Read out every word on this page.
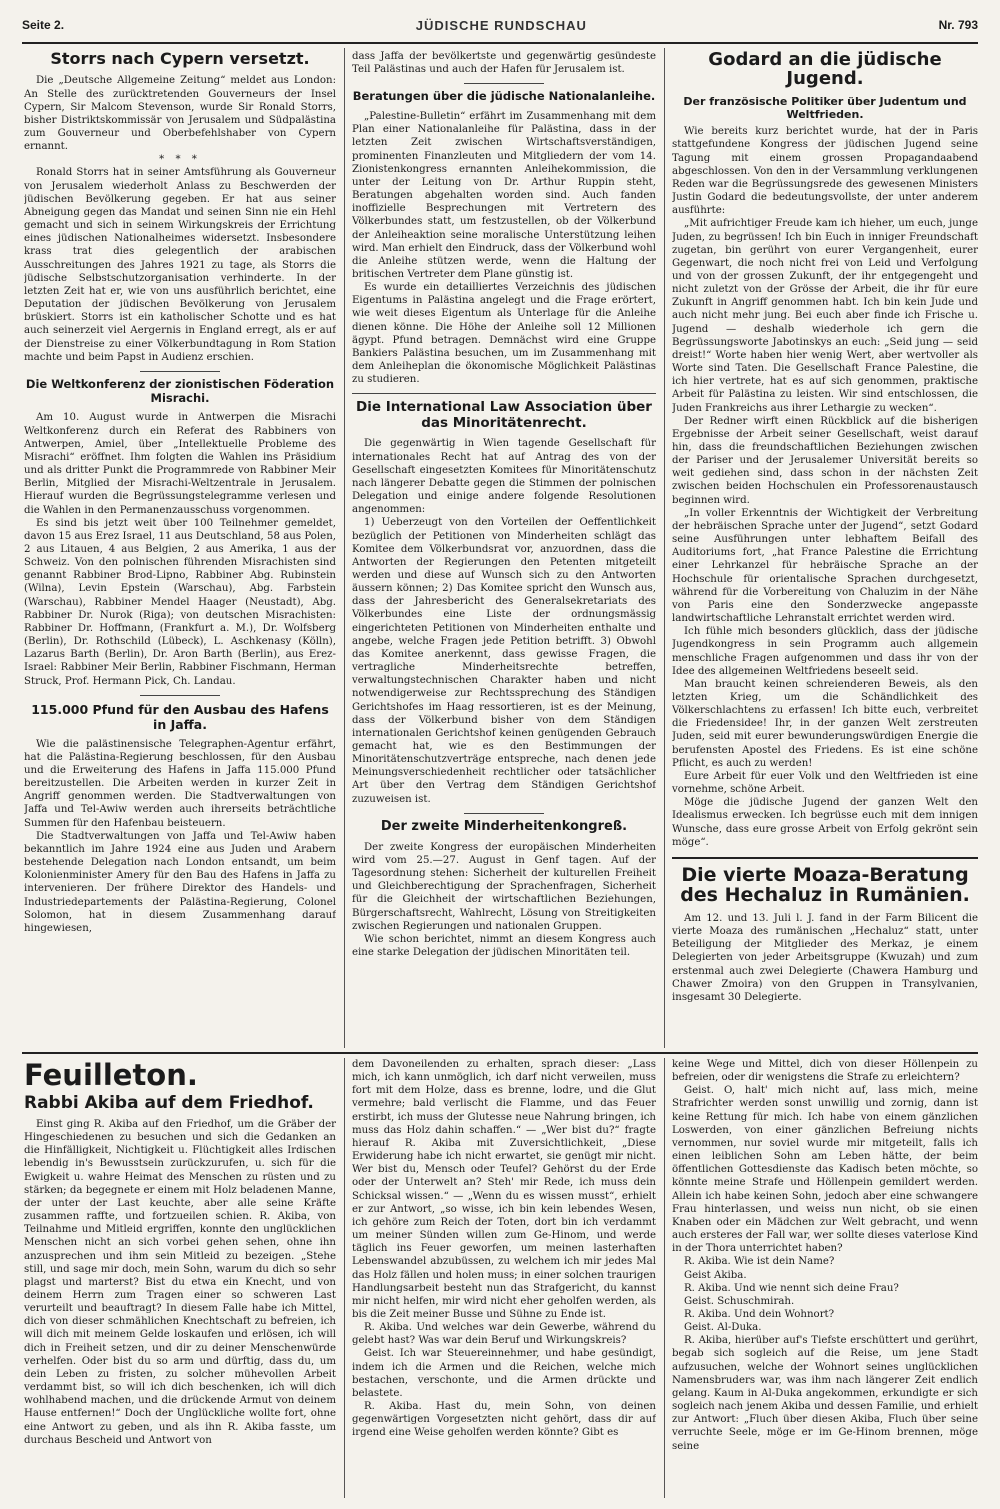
Seite 2.	JÜDISCHE RUNDSCHAU	Nr. 793
Storrs nach Cypern versetzt.

Die „Deutsche Allgemeine Zeitung“ meldet aus London: An Stelle des zurücktretenden Gouverneurs der Insel Cypern, Sir Malcom Stevenson, wurde Sir Ronald Storrs, bisher Distriktskommissär von Jerusalem und Südpalästina zum Gouverneur und Oberbefehlshaber von Cypern ernannt.

* * *

Ronald Storrs hat in seiner Amtsführung als Gouverneur von Jerusalem wiederholt Anlass zu Beschwerden der jüdischen Bevölkerung gegeben. Er hat aus seiner Abneigung gegen das Mandat und seinen Sinn nie ein Hehl gemacht und sich in seinem Wirkungskreis der Errichtung eines jüdischen Nationalheimes widersetzt. Insbesondere krass trat dies gelegentlich der arabischen Ausschreitungen des Jahres 1921 zu tage, als Storrs die jüdische Selbstschutzorganisation verhinderte. In der letzten Zeit hat er, wie von uns ausführlich berichtet, eine Deputation der jüdischen Bevölkerung von Jerusalem brüskiert. Storrs ist ein katholischer Schotte und es hat auch seinerzeit viel Aergernis in England erregt, als er auf der Dienstreise zu einer Völkerbundtagung in Rom Station machte und beim Papst in Audienz erschien.

Die Weltkonferenz der zionistischen Föderation Misrachi.

Am 10. August wurde in Antwerpen die Misrachi Weltkonferenz durch ein Referat des Rabbiners von Antwerpen, Amiel, über „Intellektuelle Probleme des Misrachi“ eröffnet. Ihm folgten die Wahlen ins Präsidium und als dritter Punkt die Programmrede von Rabbiner Meir Berlin, Mitglied der Misrachi-Weltzentrale in Jerusalem. Hierauf wurden die Begrüssungstelegramme verlesen und die Wahlen in den Permanenzausschuss vorgenommen.

Es sind bis jetzt weit über 100 Teilnehmer gemeldet, davon 15 aus Erez Israel, 11 aus Deutschland, 58 aus Polen, 2 aus Litauen, 4 aus Belgien, 2 aus Amerika, 1 aus der Schweiz. Von den polnischen führenden Misrachisten sind genannt Rabbiner Brod-Lipno, Rabbiner Abg. Rubinstein (Wilna), Levin Epstein (Warschau), Abg. Farbstein (Warschau), Rabbiner Mendel Haager (Neustadt), Abg. Rabbiner Dr. Nurok (Riga); von deutschen Misrachisten: Rabbiner Dr. Hoffmann, (Frankfurt a. M.), Dr. Wolfsberg (Berlin), Dr. Rothschild (Lübeck), L. Aschkenasy (Kölln), Lazarus Barth (Berlin), Dr. Aron Barth (Berlin), aus Erez-Israel: Rabbiner Meir Berlin, Rabbiner Fischmann, Herman Struck, Prof. Hermann Pick, Ch. Landau.

115.000 Pfund für den Ausbau des Hafens in Jaffa.

Wie die palästinensische Telegraphen-Agentur erfährt, hat die Palästina-Regierung beschlossen, für den Ausbau und die Erweiterung des Hafens in Jaffa 115.000 Pfund bereitzustellen. Die Arbeiten werden in kurzer Zeit in Angriff genommen werden. Die Stadtverwaltungen von Jaffa und Tel-Awiw werden auch ihrerseits beträchtliche Summen für den Hafenbau beisteuern.

Die Stadtverwaltungen von Jaffa und Tel-Awiw haben bekanntlich im Jahre 1924 eine aus Juden und Arabern bestehende Delegation nach London entsandt, um beim Kolonienminister Amery für den Bau des Hafens in Jaffa zu intervenieren. Der frühere Direktor des Handels- und Industriedepartements der Palästina-Regierung, Colonel Solomon, hat in diesem Zusammenhang darauf hingewiesen,

dass Jaffa der bevölkertste und gegenwärtig gesündeste Teil Palästinas und auch der Hafen für Jerusalem ist.

Beratungen über die jüdische Nationalanleihe.

„Palestine-Bulletin“ erfährt im Zusammenhang mit dem Plan einer Nationalanleihe für Palästina, dass in der letzten Zeit zwischen Wirtschaftsverständigen, prominenten Finanzleuten und Mitgliedern der vom 14. Zionistenkongress ernannten Anleihekommission, die unter der Leitung von Dr. Arthur Ruppin steht, Beratungen abgehalten worden sind. Auch fanden inoffizielle Besprechungen mit Vertretern des Völkerbundes statt, um festzustellen, ob der Völkerbund der Anleiheaktion seine moralische Unterstützung leihen wird. Man erhielt den Eindruck, dass der Völkerbund wohl die Anleihe stützen werde, wenn die Haltung der britischen Vertreter dem Plane günstig ist.

Es wurde ein detailliertes Verzeichnis des jüdischen Eigentums in Palästina angelegt und die Frage erörtert, wie weit dieses Eigentum als Unterlage für die Anleihe dienen könne. Die Höhe der Anleihe soll 12 Millionen ägypt. Pfund betragen. Demnächst wird eine Gruppe Bankiers Palästina besuchen, um im Zusammenhang mit dem Anleiheplan die ökonomische Möglichkeit Palästinas zu studieren.

Die International Law Association über das Minoritätenrecht.

Die gegenwärtig in Wien tagende Gesellschaft für internationales Recht hat auf Antrag des von der Gesellschaft eingesetzten Komitees für Minoritätenschutz nach längerer Debatte gegen die Stimmen der polnischen Delegation und einige andere folgende Resolutionen angenommen:

1) Ueberzeugt von den Vorteilen der Oeffentlichkeit bezüglich der Petitionen von Minderheiten schlägt das Komitee dem Völkerbundsrat vor, anzuordnen, dass die Antworten der Regierungen den Petenten mitgeteilt werden und diese auf Wunsch sich zu den Antworten äussern können; 2) Das Komitee spricht den Wunsch aus, dass der Jahresbericht des Generalsekretariats des Völkerbundes eine Liste der ordnungsmässig eingerichteten Petitionen von Minderheiten enthalte und angebe, welche Fragen jede Petition betrifft. 3) Obwohl das Komitee anerkennt, dass gewisse Fragen, die vertragliche Minderheitsrechte betreffen, verwaltungstechnischen Charakter haben und nicht notwendigerweise zur Rechtssprechung des Ständigen Gerichtshofes im Haag ressortieren, ist es der Meinung, dass der Völkerbund bisher von dem Ständigen internationalen Gerichtshof keinen genügenden Gebrauch gemacht hat, wie es den Bestimmungen der Minoritätenschutzverträge entspreche, nach denen jede Meinungsverschiedenheit rechtlicher oder tatsächlicher Art über den Vertrag dem Ständigen Gerichtshof zuzuweisen ist.

Der zweite Minderheitenkongreß.

Der zweite Kongress der europäischen Minderheiten wird vom 25.—27. August in Genf tagen. Auf der Tagesordnung stehen: Sicherheit der kulturellen Freiheit und Gleichberechtigung der Sprachenfragen, Sicherheit für die Gleichheit der wirtschaftlichen Beziehungen, Bürgerschaftsrecht, Wahlrecht, Lösung von Streitigkeiten zwischen Regierungen und nationalen Gruppen.

Wie schon berichtet, nimmt an diesem Kongress auch eine starke Delegation der jüdischen Minoritäten teil.

Godard an die jüdische Jugend.
Der französische Politiker über Judentum und Weltfrieden.

Wie bereits kurz berichtet wurde, hat der in Paris stattgefundene Kongress der jüdischen Jugend seine Tagung mit einem grossen Propagandaabend abgeschlossen. Von den in der Versammlung verklungenen Reden war die Begrüssungsrede des gewesenen Ministers Justin Godard die bedeutungsvollste, der unter anderem ausführte:

„Mit aufrichtiger Freude kam ich hieher, um euch, junge Juden, zu begrüssen! Ich bin Euch in inniger Freundschaft zugetan, bin gerührt von eurer Vergangenheit, eurer Gegenwart, die noch nicht frei von Leid und Verfolgung und von der grossen Zukunft, der ihr entgegengeht und nicht zuletzt von der Grösse der Arbeit, die ihr für eure Zukunft in Angriff genommen habt. Ich bin kein Jude und auch nicht mehr jung. Bei euch aber finde ich Frische u. Jugend — deshalb wiederhole ich gern die Begrüssungsworte Jabotinskys an euch: „Seid jung — seid dreist!“ Worte haben hier wenig Wert, aber wertvoller als Worte sind Taten. Die Gesellschaft France Palestine, die ich hier vertrete, hat es auf sich genommen, praktische Arbeit für Palästina zu leisten. Wir sind entschlossen, die Juden Frankreichs aus ihrer Lethargie zu wecken“.

Der Redner wirft einen Rückblick auf die bisherigen Ergebnisse der Arbeit seiner Gesellschaft, weist darauf hin, dass die freundschaftlichen Beziehungen zwischen der Pariser und der Jerusalemer Universität bereits so weit gediehen sind, dass schon in der nächsten Zeit zwischen beiden Hochschulen ein Professorenaustausch beginnen wird.

„In voller Erkenntnis der Wichtigkeit der Verbreitung der hebräischen Sprache unter der Jugend“, setzt Godard seine Ausführungen unter lebhaftem Beifall des Auditoriums fort, „hat France Palestine die Errichtung einer Lehrkanzel für hebräische Sprache an der Hochschule für orientalische Sprachen durchgesetzt, während für die Vorbereitung von Chaluzim in der Nähe von Paris eine den Sonderzwecke angepasste landwirtschaftliche Lehranstalt errichtet werden wird.

Ich fühle mich besonders glücklich, dass der jüdische Jugendkongress in sein Programm auch allgemein menschliche Fragen aufgenommen und dass ihr von der Idee des allgemeinen Weltfriedens beseelt seid.

Man braucht keinen schreienderen Beweis, als den letzten Krieg, um die Schändlichkeit des Völkerschlachtens zu erfassen! Ich bitte euch, verbreitet die Friedensidee! Ihr, in der ganzen Welt zerstreuten Juden, seid mit eurer bewunderungswürdigen Energie die berufensten Apostel des Friedens. Es ist eine schöne Pflicht, es auch zu werden!

Eure Arbeit für euer Volk und den Weltfrieden ist eine vornehme, schöne Arbeit.

Möge die jüdische Jugend der ganzen Welt den Idealismus erwecken. Ich begrüsse euch mit dem innigen Wunsche, dass eure grosse Arbeit von Erfolg gekrönt sein möge“.

Die vierte Moaza-Beratung des Hechaluz in Rumänien.

Am 12. und 13. Juli l. J. fand in der Farm Bilicent die vierte Moaza des rumänischen „Hechaluz“ statt, unter Beteiligung der Mitglieder des Merkaz, je einem Delegierten von jeder Arbeitsgruppe (Kwuzah) und zum erstenmal auch zwei Delegierte (Chawera Hamburg und Chawer Zmoira) von den Gruppen in Transylvanien, insgesamt 30 Delegierte.

Feuilleton.
Rabbi Akiba auf dem Friedhof.

Einst ging R. Akiba auf den Friedhof, um die Gräber der Hingeschiedenen zu besuchen und sich die Gedanken an die Hinfälligkeit, Nichtigkeit u. Flüchtigkeit alles Irdischen lebendig in's Bewusstsein zurückzurufen, u. sich für die Ewigkeit u. wahre Heimat des Menschen zu rüsten und zu stärken; da begegnete er einem mit Holz beladenen Manne, der unter der Last keuchte, aber alle seine Kräfte zusammen raffte, und fortzueilen schien. R. Akiba, von Teilnahme und Mitleid ergriffen, konnte den unglücklichen Menschen nicht an sich vorbei gehen sehen, ohne ihn anzusprechen und ihm sein Mitleid zu bezeigen. „Stehe still, und sage mir doch, mein Sohn, warum du dich so sehr plagst und marterst? Bist du etwa ein Knecht, und von deinem Herrn zum Tragen einer so schweren Last verurteilt und beauftragt? In diesem Falle habe ich Mittel, dich von dieser schmählichen Knechtschaft zu befreien, ich will dich mit meinem Gelde loskaufen und erlösen, ich will dich in Freiheit setzen, und dir zu deiner Menschenwürde verhelfen. Oder bist du so arm und dürftig, dass du, um dein Leben zu fristen, zu solcher mühevollen Arbeit verdammt bist, so will ich dich beschenken, ich will dich wohlhabend machen, und die drückende Armut von deinem Hause entfernen!“ Doch der Unglückliche wollte fort, ohne eine Antwort zu geben, und als ihn R. Akiba fasste, um durchaus Bescheid und Antwort von

dem Davoneilenden zu erhalten, sprach dieser: „Lass mich, ich kann unmöglich, ich darf nicht verweilen, muss fort mit dem Holze, dass es brenne, lodre, und die Glut vermehre; bald verlischt die Flamme, und das Feuer erstirbt, ich muss der Glutesse neue Nahrung bringen, ich muss das Holz dahin schaffen.“ — „Wer bist du?“ fragte hierauf R. Akiba mit Zuversichtlichkeit, „Diese Erwiderung habe ich nicht erwartet, sie genügt mir nicht. Wer bist du, Mensch oder Teufel? Gehörst du der Erde oder der Unterwelt an? Steh' mir Rede, ich muss dein Schicksal wissen.“ — „Wenn du es wissen musst“, erhielt er zur Antwort, „so wisse, ich bin kein lebendes Wesen, ich gehöre zum Reich der Toten, dort bin ich verdammt um meiner Sünden willen zum Ge-Hinom, und werde täglich ins Feuer geworfen, um meinen lasterhaften Lebenswandel abzubüssen, zu welchem ich mir jedes Mal das Holz fällen und holen muss; in einer solchen traurigen Handlungsarbeit besteht nun das Strafgericht, du kannst mir nicht helfen, mir wird nicht eher geholfen werden, als bis die Zeit meiner Busse und Sühne zu Ende ist.

R. Akiba. Und welches war dein Gewerbe, während du gelebt hast? Was war dein Beruf und Wirkungskreis?

Geist. Ich war Steuereinnehmer, und habe gesündigt, indem ich die Armen und die Reichen, welche mich bestachen, verschonte, und die Armen drückte und belastete.

R. Akiba. Hast du, mein Sohn, von deinen gegenwärtigen Vorgesetzten nicht gehört, dass dir auf irgend eine Weise geholfen werden könnte? Gibt es

keine Wege und Mittel, dich von dieser Höllenpein zu befreien, oder dir wenigstens die Strafe zu erleichtern?

Geist. O, halt' mich nicht auf, lass mich, meine Strafrichter werden sonst unwillig und zornig, dann ist keine Rettung für mich. Ich habe von einem gänzlichen Loswerden, von einer gänzlichen Befreiung nichts vernommen, nur soviel wurde mir mitgeteilt, falls ich einen leiblichen Sohn am Leben hätte, der beim öffentlichen Gottesdienste das Kadisch beten möchte, so könnte meine Strafe und Höllenpein gemildert werden. Allein ich habe keinen Sohn, jedoch aber eine schwangere Frau hinterlassen, und weiss nun nicht, ob sie einen Knaben oder ein Mädchen zur Welt gebracht, und wenn auch ersteres der Fall war, wer sollte dieses vaterlose Kind in der Thora unterrichtet haben?

R. Akiba. Wie ist dein Name?

Geist Akiba.

R. Akiba. Und wie nennt sich deine Frau?

Geist. Schuschmirah.

R. Akiba. Und dein Wohnort?

Geist. Al-Duka.

R. Akiba, hierüber auf's Tiefste erschüttert und gerührt, begab sich sogleich auf die Reise, um jene Stadt aufzusuchen, welche der Wohnort seines unglücklichen Namensbruders war, was ihm nach längerer Zeit endlich gelang. Kaum in Al-Duka angekommen, erkundigte er sich sogleich nach jenem Akiba und dessen Familie, und erhielt zur Antwort: „Fluch über diesen Akiba, Fluch über seine verruchte Seele, möge er im Ge-Hinom brennen, möge seine
